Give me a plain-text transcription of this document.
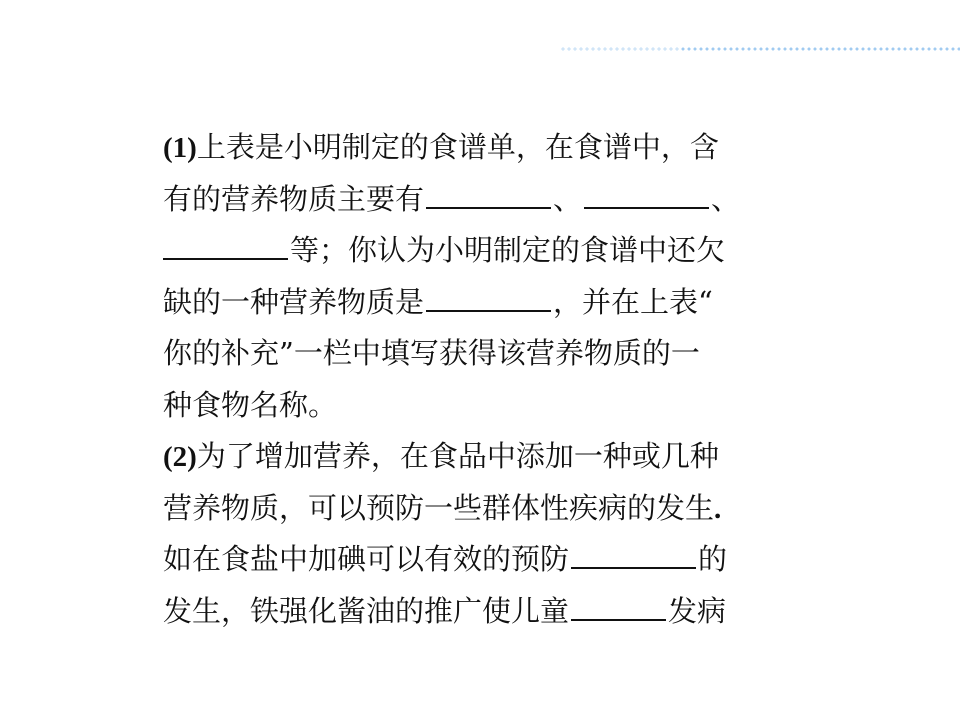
(1)上表是小明制定的食谱单，在食谱中，含
有的营养物质主要有	、	、
等；你认为小明制定的食谱中还欠
缺的一种营养物质是	，并在上表“
你的补充”一栏中填写获得该营养物质的一
种食物名称。
(2)为了增加营养，在食品中添加一种或几种
营养物质，可以预防一些群体性疾病的发生.
如在食盐中加碘可以有效的预防	的
发生，铁强化酱油的推广使儿童	发病
